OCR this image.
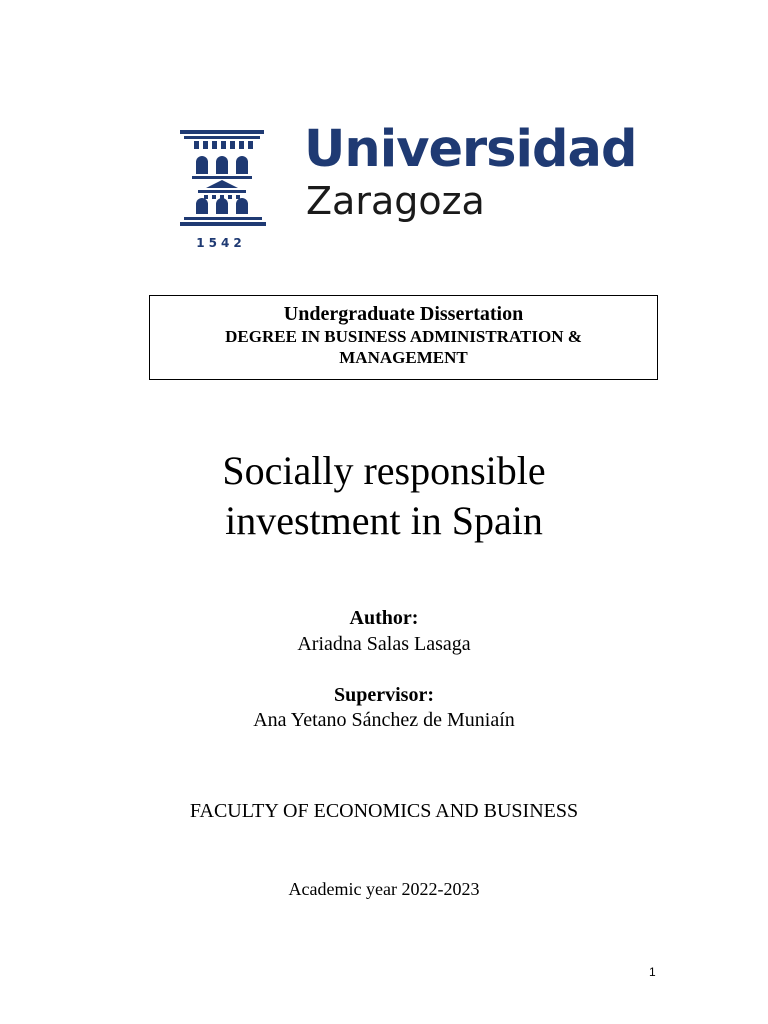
Universidad
Zaragoza
1542
Undergraduate Dissertation
DEGREE IN BUSINESS ADMINISTRATION &
MANAGEMENT
Socially responsible
investment in Spain
Author:
Ariadna Salas Lasaga
Supervisor:
Ana Yetano Sánchez de Muniaín
FACULTY OF ECONOMICS AND BUSINESS
Academic year 2022-2023
1
